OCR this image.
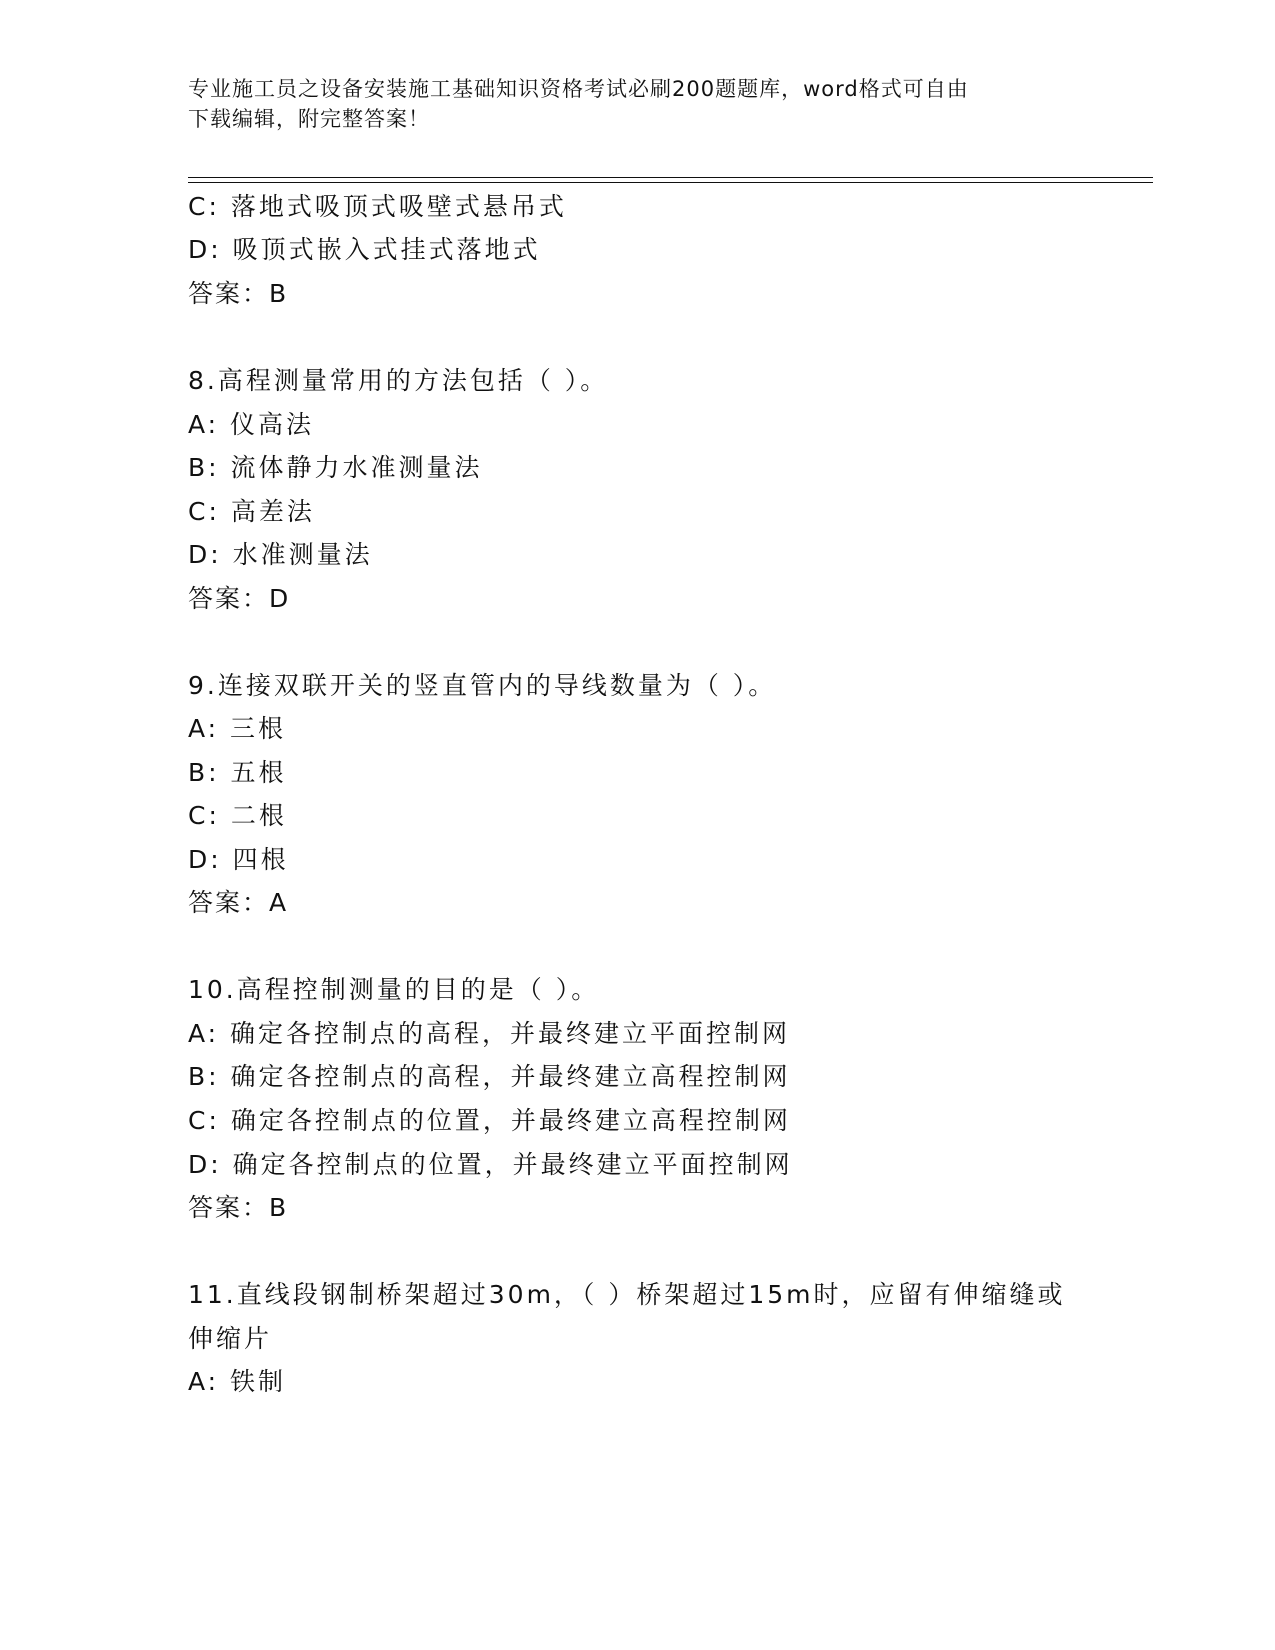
专业施工员之设备安装施工基础知识资格考试必刷200题题库，word格式可自由
下载编辑，附完整答案！
C: 落地式吸顶式吸壁式悬吊式
D: 吸顶式嵌入式挂式落地式
答案：B
8.高程测量常用的方法包括（ ）。
A: 仪高法
B: 流体静力水准测量法
C: 高差法
D: 水准测量法
答案：D
9.连接双联开关的竖直管内的导线数量为（ ）。
A: 三根
B: 五根
C: 二根
D: 四根
答案：A
10.高程控制测量的目的是（ ）。
A: 确定各控制点的高程，并最终建立平面控制网
B: 确定各控制点的高程，并最终建立高程控制网
C: 确定各控制点的位置，并最终建立高程控制网
D: 确定各控制点的位置，并最终建立平面控制网
答案：B
11.直线段钢制桥架超过30m，（ ）桥架超过15m时，应留有伸缩缝或
伸缩片
A: 铁制
